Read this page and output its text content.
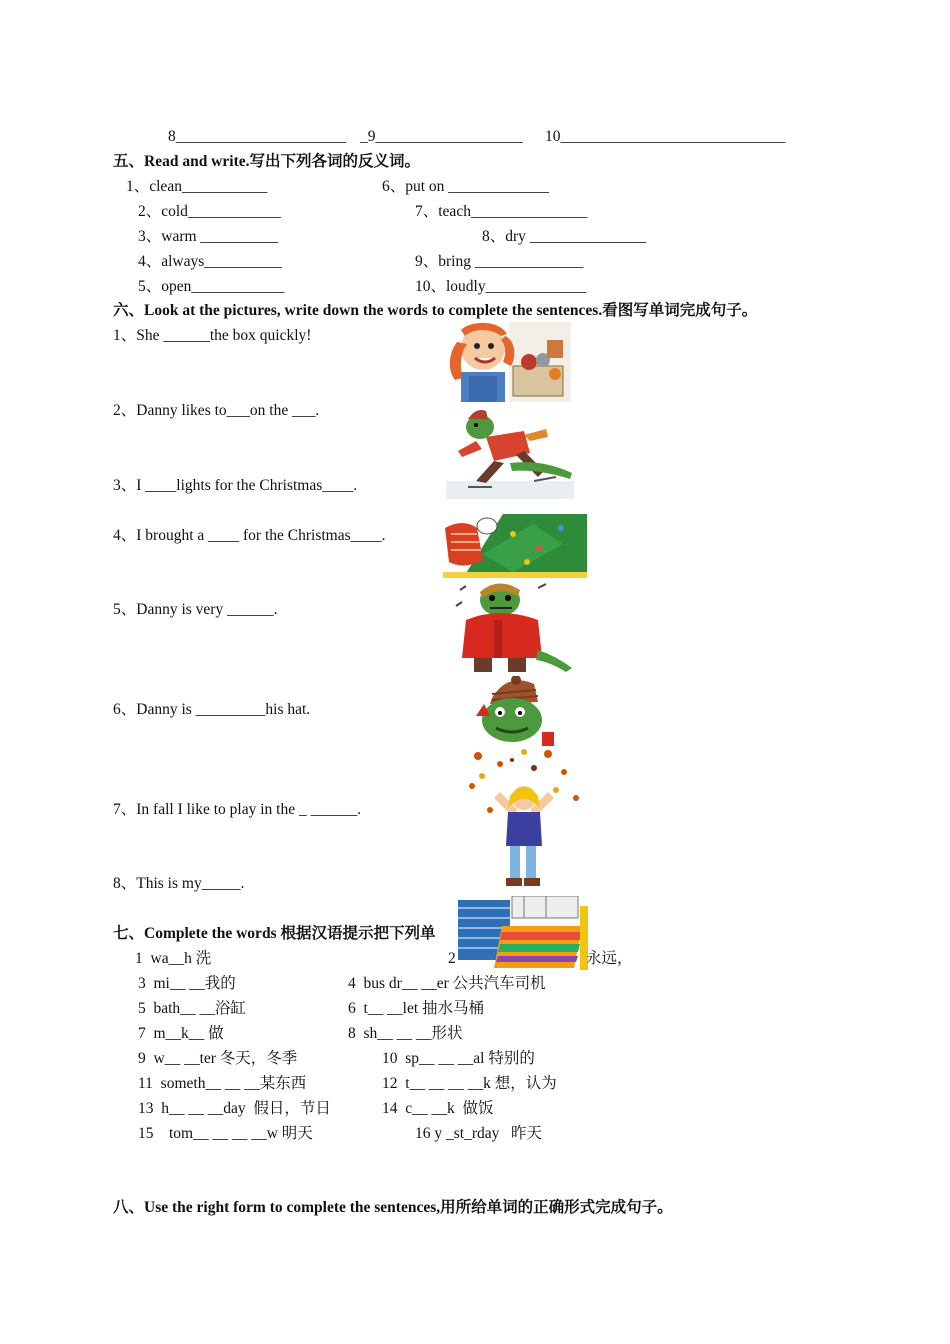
8______________________ _9___________________ 10_____________________________
五、Read and write.写出下列各词的反义词。
1、clean___________
2、cold____________
3、warm __________
4、always__________
5、open____________
6、put on _____________
7、teach_______________
8、dry _______________
9、bring ______________
10、loudly_____________
六、Look at the pictures, write down the words to complete the sentences.看图写单词完成句子。
1、She ______the box quickly!
2、Danny likes to___on the ___.
3、I ____lights for the Christmas____.
4、I brought a ____ for the Christmas____.
5、Danny is very ______.
6、Danny is _________his hat.
7、In fall I like to play in the _ ______.
8、This is my_____.
七、Complete the words 根据汉语提示把下列单
1  wa__h 洗	2	永远，
3  mi__ __我的	4  bus dr__ __er 公共汽车司机
5  bath__ __浴缸	6  t__ __let 抽水马桶
7  m__k__ 做	8  sh__ __ __形状
9  w__ __ter 冬天，冬季	10  sp__ __ __al 特别的
11  someth__ __ __某东西	12  t__ __ __ __k 想，认为
13  h__ __ __day  假日，节日	14  c__ __k  做饭
15    tom__ __ __ __w 明天	16 y _st_rday   昨天
八、Use the right form to complete the sentences,用所给单词的正确形式完成句子。
